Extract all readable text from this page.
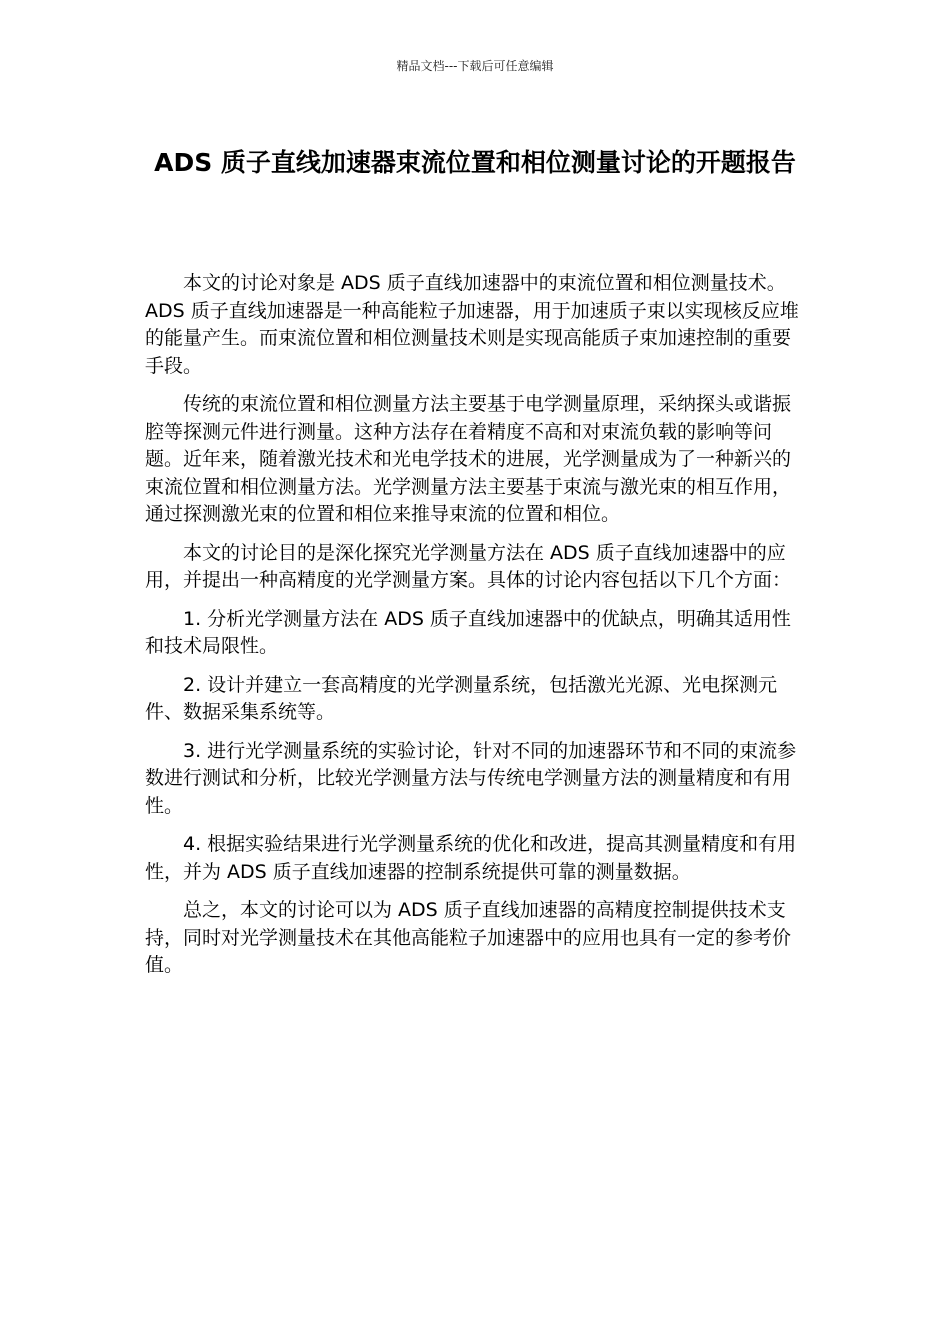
精品文档---下载后可任意编辑
ADS 质子直线加速器束流位置和相位测量讨论的开题报告

本文的讨论对象是 ADS 质子直线加速器中的束流位置和相位测量技术。ADS 质子直线加速器是一种高能粒子加速器，用于加速质子束以实现核反应堆的能量产生。而束流位置和相位测量技术则是实现高能质子束加速控制的重要手段。

传统的束流位置和相位测量方法主要基于电学测量原理，采纳探头或谐振腔等探测元件进行测量。这种方法存在着精度不高和对束流负载的影响等问题。近年来，随着激光技术和光电学技术的进展，光学测量成为了一种新兴的束流位置和相位测量方法。光学测量方法主要基于束流与激光束的相互作用，通过探测激光束的位置和相位来推导束流的位置和相位。

本文的讨论目的是深化探究光学测量方法在 ADS 质子直线加速器中的应用，并提出一种高精度的光学测量方案。具体的讨论内容包括以下几个方面：

1. 分析光学测量方法在 ADS 质子直线加速器中的优缺点，明确其适用性和技术局限性。

2. 设计并建立一套高精度的光学测量系统，包括激光光源、光电探测元件、数据采集系统等。

3. 进行光学测量系统的实验讨论，针对不同的加速器环节和不同的束流参数进行测试和分析，比较光学测量方法与传统电学测量方法的测量精度和有用性。

4. 根据实验结果进行光学测量系统的优化和改进，提高其测量精度和有用性，并为 ADS 质子直线加速器的控制系统提供可靠的测量数据。

总之，本文的讨论可以为 ADS 质子直线加速器的高精度控制提供技术支持，同时对光学测量技术在其他高能粒子加速器中的应用也具有一定的参考价值。
